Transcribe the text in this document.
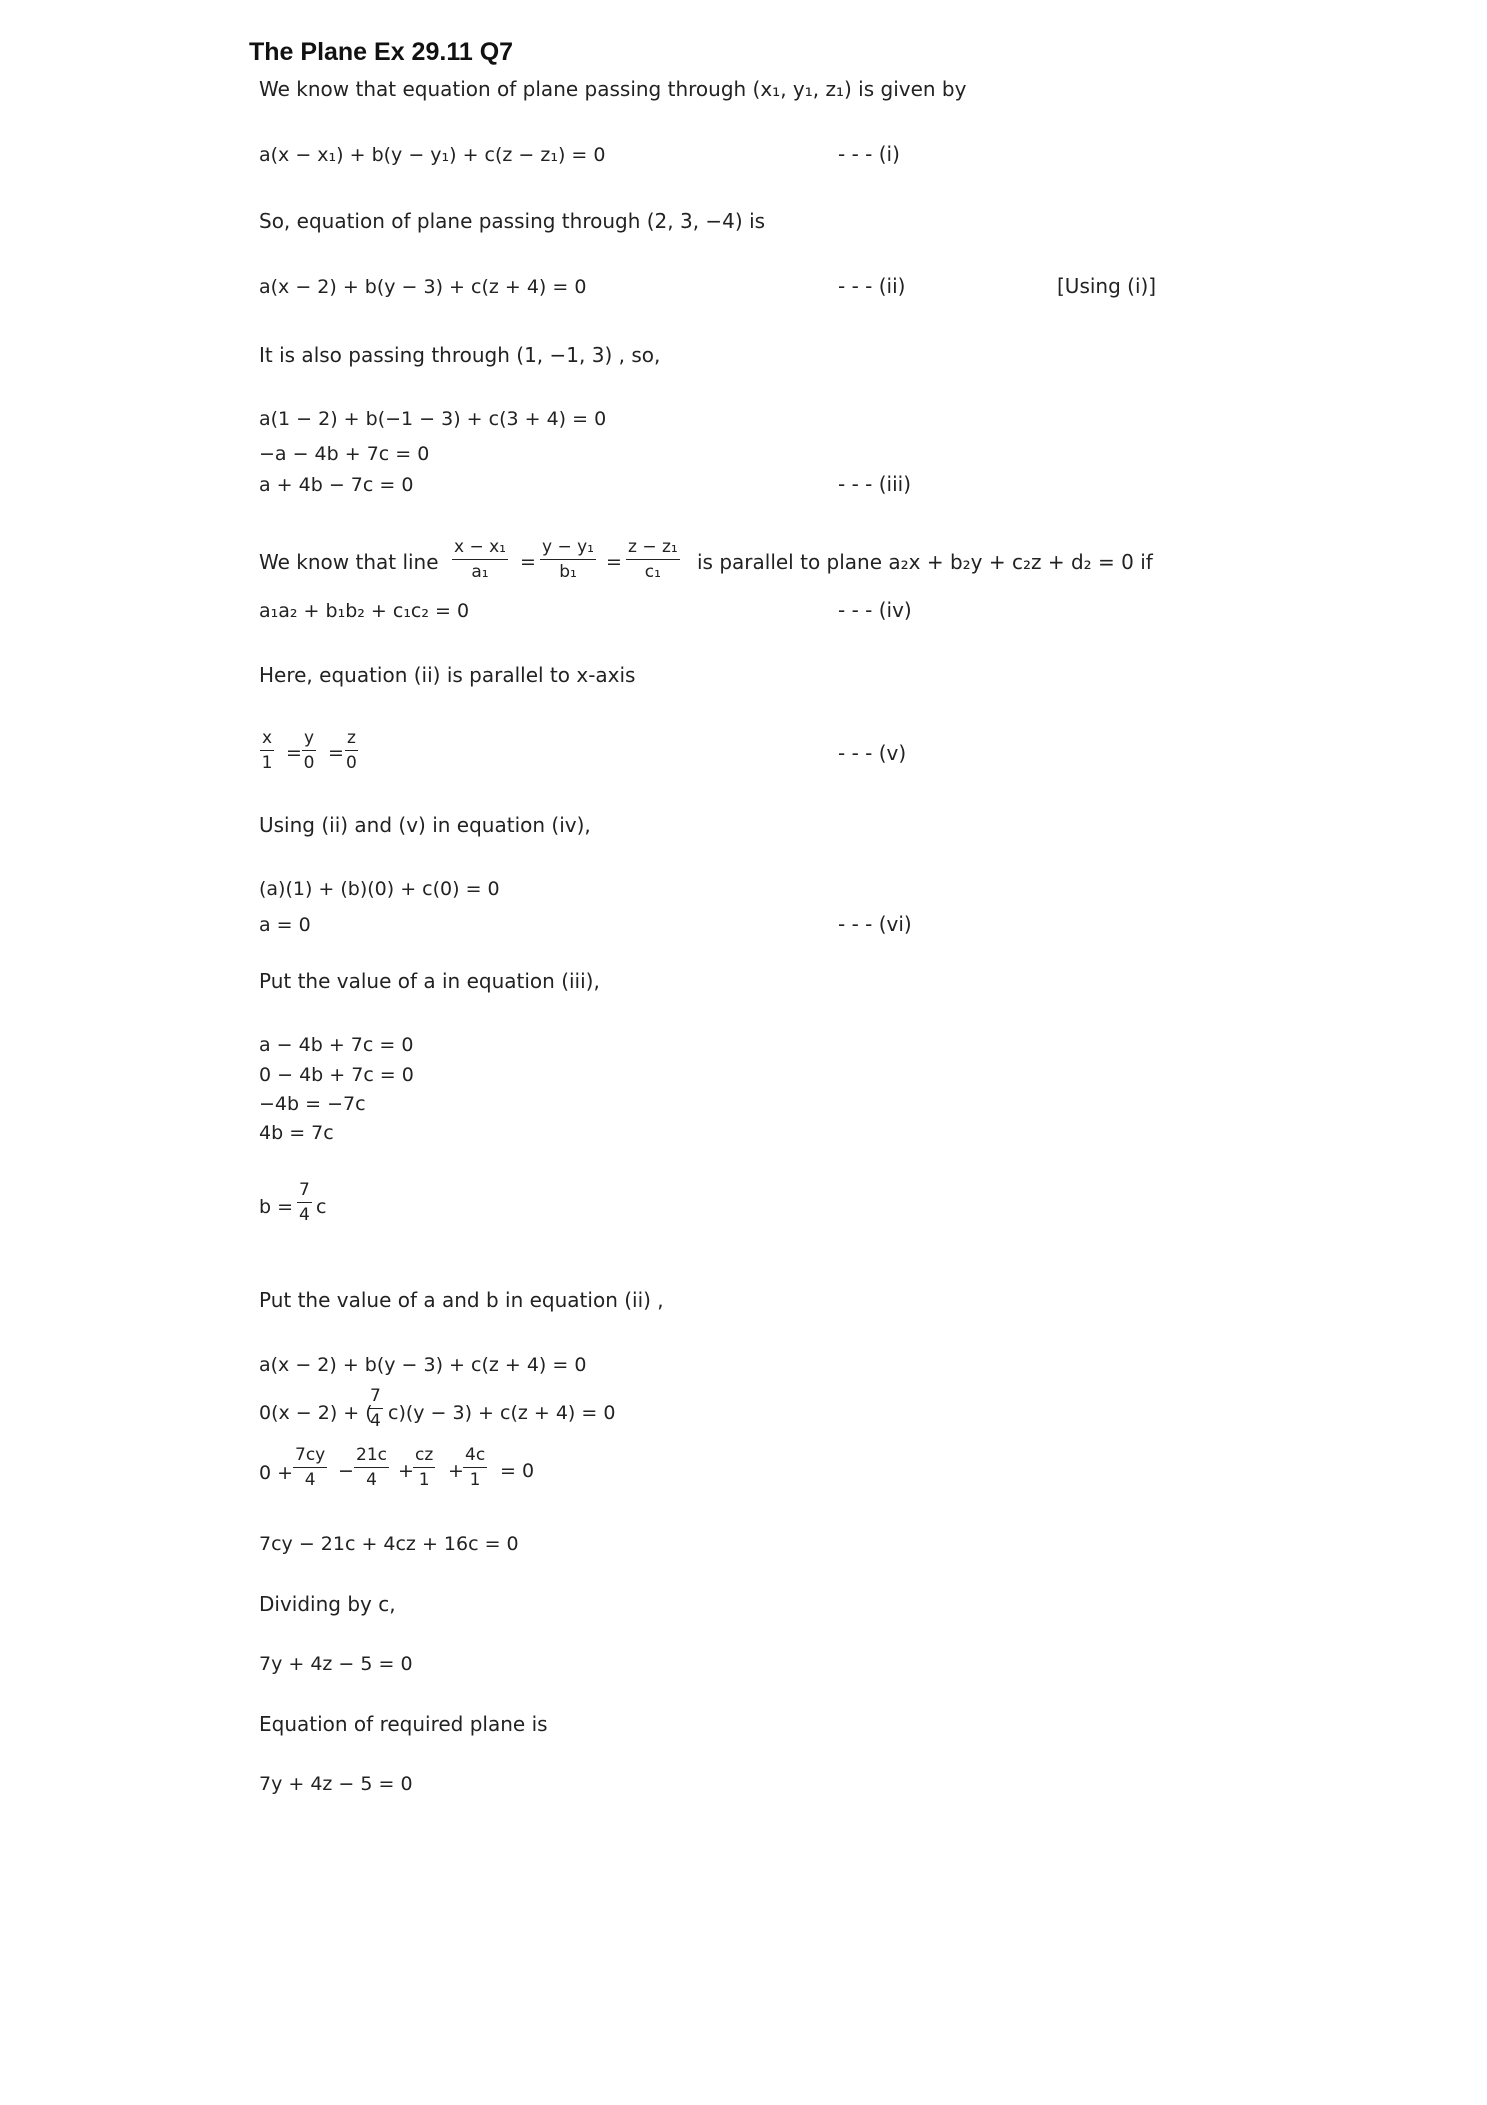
The Plane Ex 29.11 Q7
We know that equation of plane passing through (x₁, y₁, z₁) is given by
a(x − x₁) + b(y − y₁) + c(z − z₁) = 0	- - - (i)
So, equation of plane passing through (2, 3, −4) is
a(x − 2) + b(y − 3) + c(z + 4) = 0	- - - (ii)	[Using (i)]
It is also passing through (1, −1, 3) , so,
a(1 − 2) + b(−1 − 3) + c(3 + 4) = 0
−a − 4b + 7c = 0
a + 4b − 7c = 0	- - - (iii)
We know that line $\frac{\text{x − x₁}}{\text{a₁}} = \frac{\text{y − y₁}}{\text{b₁}} = \frac{\text{z − z₁}}{\text{c₁}}$ is parallel to plane a₂x + b₂y + c₂z + d₂ = 0 if
a₁a₂ + b₁b₂ + c₁c₂ = 0	- - - (iv)
Here, equation (ii) is parallel to x-axis
$\frac{x}{1} = \frac{y}{0} = \frac{z}{0}$	- - - (v)
Using (ii) and (v) in equation (iv),
(a)(1) + (b)(0) + c(0) = 0
a = 0	- - - (vi)
Put the value of a in equation (iii),
a − 4b + 7c = 0
0 − 4b + 7c = 0
−4b = −7c
4b = 7c
$b = \frac{7}{4}$ c
Put the value of a and b in equation (ii) ,
a(x − 2) + b(y − 3) + c(z + 4) = 0
0(x − 2) + (
$\frac{7}{4} c)(y - 3) + c(z + 4) = 0$
$0 + \frac{7cy}{4} - \frac{21c}{4} + \frac{cz}{1} + \frac{4c}{1} = 0$
7cy − 21c + 4cz + 16c = 0
Dividing by c,
7y + 4z − 5 = 0
Equation of required plane is
7y + 4z − 5 = 0
